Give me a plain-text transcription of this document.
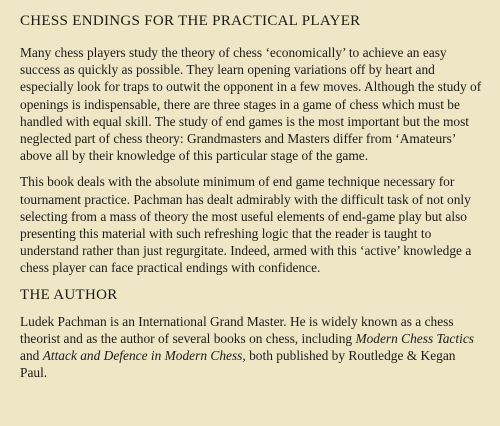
CHESS ENDINGS FOR THE PRACTICAL PLAYER

Many chess players study the theory of chess ‘economically’ to achieve an easy success as quickly as possible. They learn opening variations off by heart and especially look for traps to outwit the opponent in a few moves. Although the study of openings is indispensable, there are three stages in a game of chess which must be handled with equal skill. The study of end games is the most important but the most neglected part of chess theory: Grandmasters and Masters differ from ‘Amateurs’ above all by their knowledge of this particular stage of the game.

This book deals with the absolute minimum of end game technique necessary for tournament practice. Pachman has dealt admirably with the difficult task of not only selecting from a mass of theory the most useful elements of end-game play but also presenting this material with such refreshing logic that the reader is taught to understand rather than just regurgitate. Indeed, armed with this ‘active’ knowledge a chess player can face practical endings with confidence.

THE AUTHOR

Ludek Pachman is an International Grand Master. He is widely known as a chess theorist and as the author of several books on chess, including Modern Chess Tactics and Attack and Defence in Modern Chess, both published by Routledge & Kegan Paul.
